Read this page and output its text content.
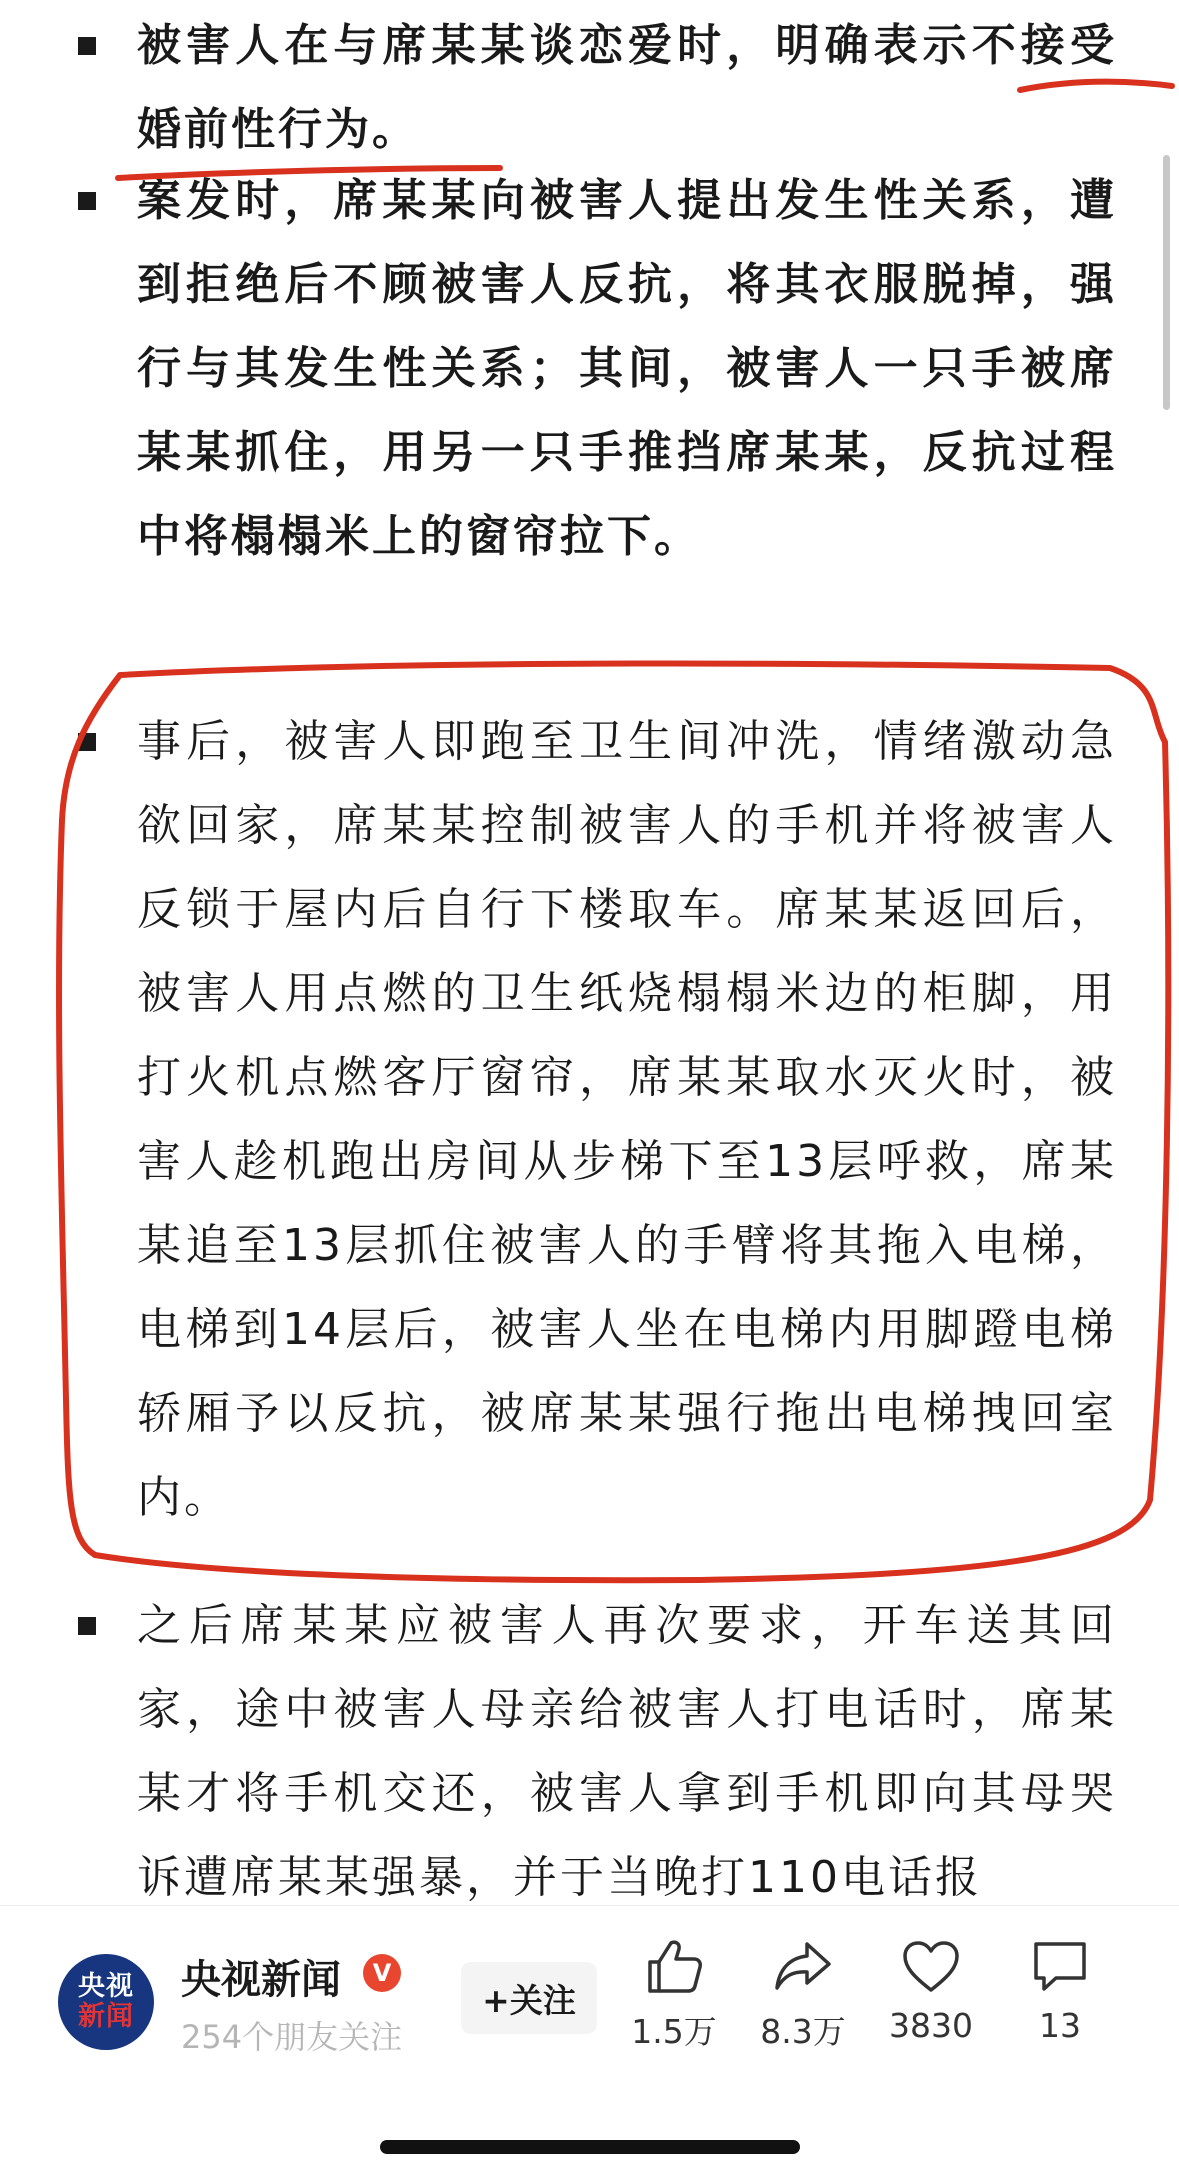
被害人在与席某某谈恋爱时，明确表示不接受婚前性行为。

案发时，席某某向被害人提出发生性关系，遭到拒绝后不顾被害人反抗，将其衣服脱掉，强行与其发生性关系；其间，被害人一只手被席某某抓住，用另一只手推挡席某某，反抗过程中将榻榻米上的窗帘拉下。

事后，被害人即跑至卫生间冲洗，情绪激动急欲回家，席某某控制被害人的手机并将被害人反锁于屋内后自行下楼取车。席某某返回后，被害人用点燃的卫生纸烧榻榻米边的柜脚，用打火机点燃客厅窗帘，席某某取水灭火时，被害人趁机跑出房间从步梯下至13层呼救，席某某追至13层抓住被害人的手臂将其拖入电梯，电梯到14层后，被害人坐在电梯内用脚蹬电梯轿厢予以反抗，被席某某强行拖出电梯拽回室内。

之后席某某应被害人再次要求，开车送其回家，途中被害人母亲给被害人打电话时，席某某才将手机交还，被害人拿到手机即向其母哭诉遭席某某强暴，并于当晚打110电话报

央视
新闻
央视新闻	V
254个朋友关注
+关注
1.5万	8.3万	3830	13
